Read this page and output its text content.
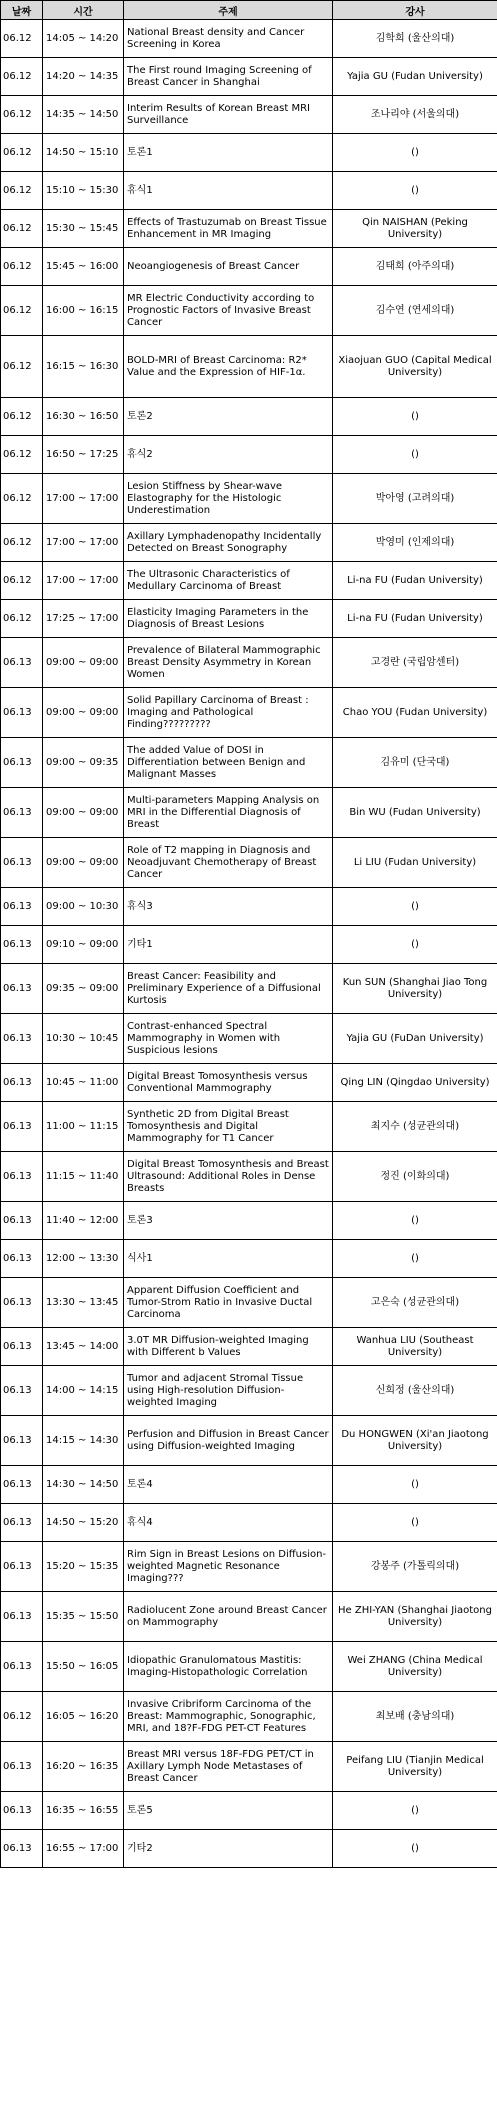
날짜	시간	주제	강사
06.12	14:05 ~ 14:20	National Breast density and Cancer Screening in Korea	김학희 (울산의대)
06.12	14:20 ~ 14:35	The First round Imaging Screening of Breast Cancer in Shanghai	Yajia GU (Fudan University)
06.12	14:35 ~ 14:50	Interim Results of Korean Breast MRI Surveillance	조나리야 (서울의대)
06.12	14:50 ~ 15:10	토론1	()
06.12	15:10 ~ 15:30	휴식1	()
06.12	15:30 ~ 15:45	Effects of Trastuzumab on Breast Tissue Enhancement in MR Imaging	Qin NAISHAN (Peking University)
06.12	15:45 ~ 16:00	Neoangiogenesis of Breast Cancer	김태희 (아주의대)
06.12	16:00 ~ 16:15	MR Electric Conductivity according to Prognostic Factors of Invasive Breast Cancer	김수연 (연세의대)
06.12	16:15 ~ 16:30	BOLD-MRI of Breast Carcinoma: R2* Value and the Expression of HIF-1α.	Xiaojuan GUO (Capital Medical University)
06.12	16:30 ~ 16:50	토론2	()
06.12	16:50 ~ 17:25	휴식2	()
06.12	17:00 ~ 17:00	Lesion Stiffness by Shear-wave Elastography for the Histologic Underestimation	박아영 (고려의대)
06.12	17:00 ~ 17:00	Axillary Lymphadenopathy Incidentally Detected on Breast Sonography	박영미 (인제의대)
06.12	17:00 ~ 17:00	The Ultrasonic Characteristics of Medullary Carcinoma of Breast	Li-na FU (Fudan University)
06.12	17:25 ~ 17:00	Elasticity Imaging Parameters in the Diagnosis of Breast Lesions	Li-na FU (Fudan University)
06.13	09:00 ~ 09:00	Prevalence of Bilateral Mammographic Breast Density Asymmetry in Korean Women	고경란 (국립암센터)
06.13	09:00 ~ 09:00	Solid Papillary Carcinoma of Breast : Imaging and Pathological Finding?????????	Chao YOU (Fudan University)
06.13	09:00 ~ 09:35	The added Value of DOSI in Differentiation between Benign and Malignant Masses	김유미 (단국대)
06.13	09:00 ~ 09:00	Multi-parameters Mapping Analysis on MRI in the Differential Diagnosis of Breast	Bin WU (Fudan University)
06.13	09:00 ~ 09:00	Role of T2 mapping in Diagnosis and Neoadjuvant Chemotherapy of Breast Cancer	Li LIU (Fudan University)
06.13	09:00 ~ 10:30	휴식3	()
06.13	09:10 ~ 09:00	기타1	()
06.13	09:35 ~ 09:00	Breast Cancer: Feasibility and Preliminary Experience of a Diffusional Kurtosis	Kun SUN (Shanghai Jiao Tong University)
06.13	10:30 ~ 10:45	Contrast-enhanced Spectral Mammography in Women with Suspicious lesions	Yajia GU (FuDan University)
06.13	10:45 ~ 11:00	Digital Breast Tomosynthesis versus Conventional Mammography	Qing LIN (Qingdao University)
06.13	11:00 ~ 11:15	Synthetic 2D from Digital Breast Tomosynthesis and Digital Mammography for T1 Cancer	최지수 (성균관의대)
06.13	11:15 ~ 11:40	Digital Breast Tomosynthesis and Breast Ultrasound: Additional Roles in Dense Breasts	정진 (이화의대)
06.13	11:40 ~ 12:00	토론3	()
06.13	12:00 ~ 13:30	식사1	()
06.13	13:30 ~ 13:45	Apparent Diffusion Coefficient and Tumor-Strom Ratio in Invasive Ductal Carcinoma	고은숙 (성균관의대)
06.13	13:45 ~ 14:00	3.0T MR Diffusion-weighted Imaging with Different b Values	Wanhua LIU (Southeast University)
06.13	14:00 ~ 14:15	Tumor and adjacent Stromal Tissue using High-resolution Diffusion-weighted Imaging	신희정 (울산의대)
06.13	14:15 ~ 14:30	Perfusion and Diffusion in Breast Cancer using Diffusion-weighted Imaging	Du HONGWEN (Xi'an Jiaotong University)
06.13	14:30 ~ 14:50	토론4	()
06.13	14:50 ~ 15:20	휴식4	()
06.13	15:20 ~ 15:35	Rim Sign in Breast Lesions on Diffusion-weighted Magnetic Resonance Imaging???	강봉주 (가톨릭의대)
06.13	15:35 ~ 15:50	Radiolucent Zone around Breast Cancer on Mammography	He ZHI-YAN (Shanghai Jiaotong University)
06.13	15:50 ~ 16:05	Idiopathic Granulomatous Mastitis: Imaging-Histopathologic Correlation	Wei ZHANG (China Medical University)
06.12	16:05 ~ 16:20	Invasive Cribriform Carcinoma of the Breast: Mammographic, Sonographic, MRI, and 18?F-FDG PET-CT Features	최보배 (충남의대)
06.13	16:20 ~ 16:35	Breast MRI versus 18F-FDG PET/CT in Axillary Lymph Node Metastases of Breast Cancer	Peifang LIU (Tianjin Medical University)
06.13	16:35 ~ 16:55	토론5	()
06.13	16:55 ~ 17:00	기타2	()
